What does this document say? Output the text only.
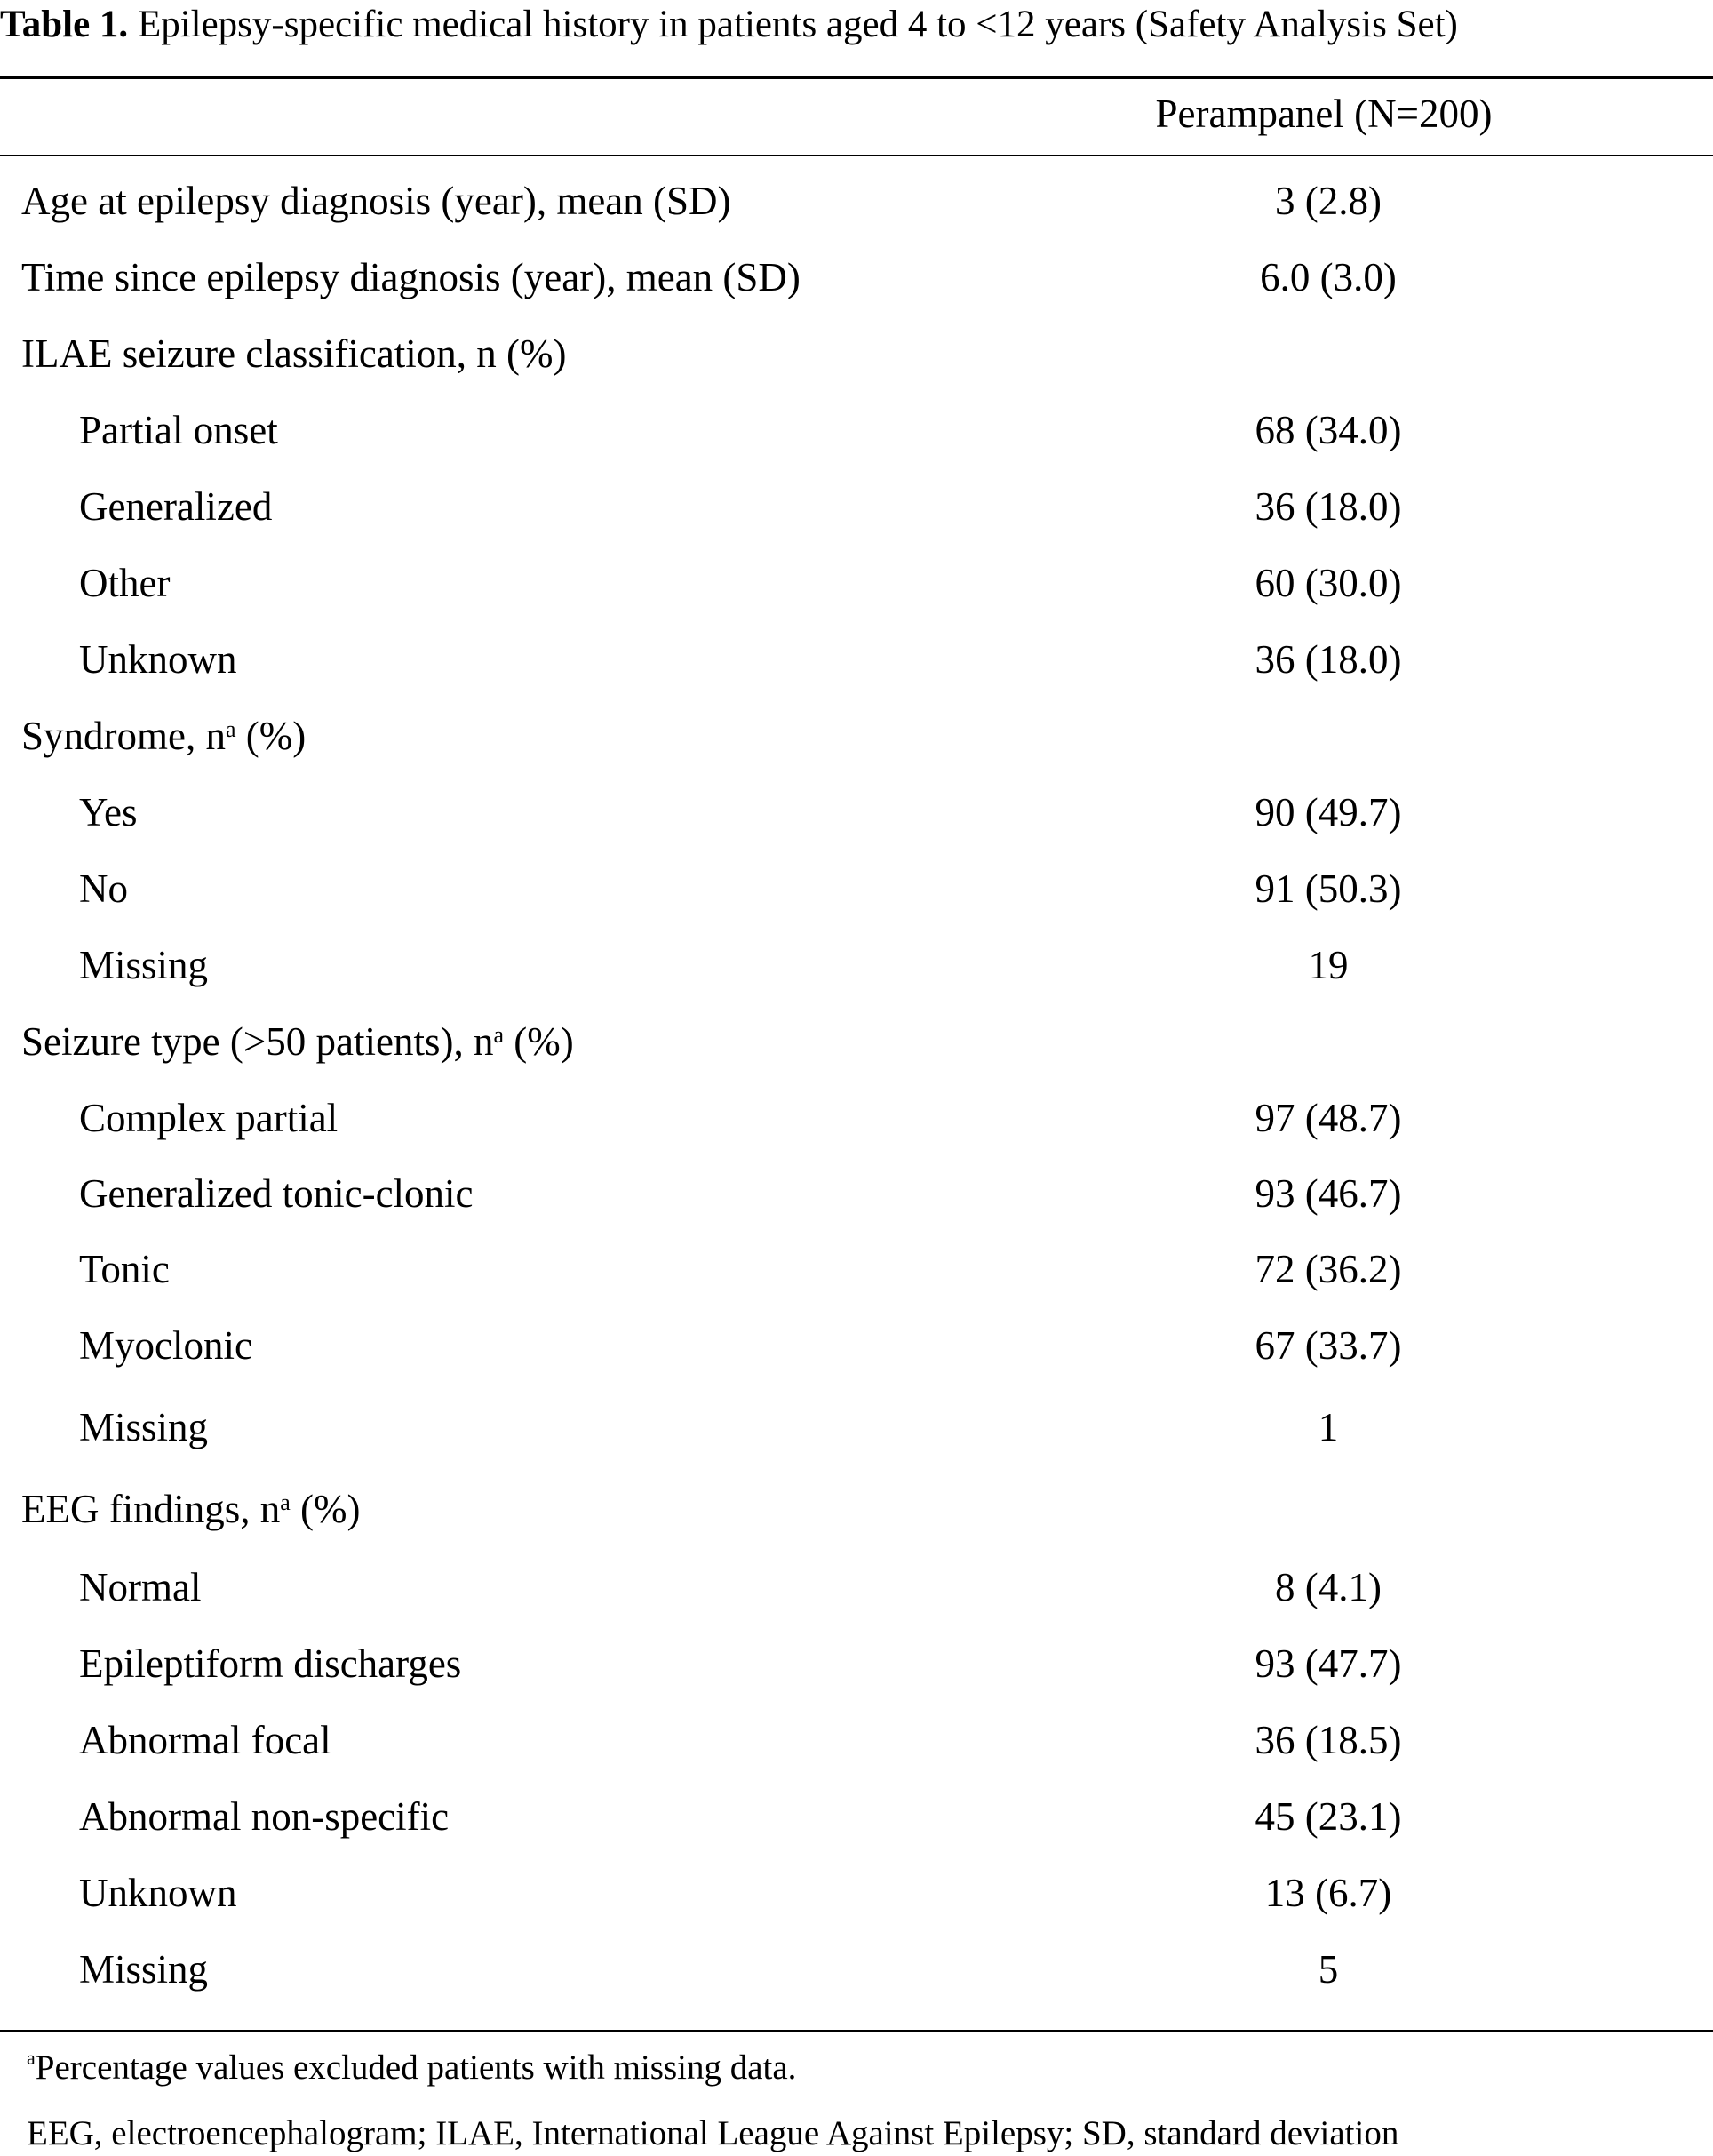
Table 1. Epilepsy-specific medical history in patients aged 4 to <12 years (Safety Analysis Set)
Perampanel (N=200)
Age at epilepsy diagnosis (year), mean (SD)	3 (2.8)
Time since epilepsy diagnosis (year), mean (SD)	6.0 (3.0)
ILAE seizure classification, n (%)
Partial onset	68 (34.0)
Generalized	36 (18.0)
Other	60 (30.0)
Unknown	36 (18.0)
Syndrome, $n^a$ (%)
Yes	90 (49.7)
No	91 (50.3)
Missing	19
Seizure type (>50 patients), $n^a$ (%)
Complex partial	97 (48.7)
Generalized tonic-clonic	93 (46.7)
Tonic	72 (36.2)
Myoclonic	67 (33.7)
Missing	1
EEG findings, $n^a$ (%)
Normal	8 (4.1)
Epileptiform discharges	93 (47.7)
Abnormal focal	36 (18.5)
Abnormal non-specific	45 (23.1)
Unknown	13 (6.7)
Missing	5
$^a$Percentage values excluded patients with missing data.
EEG, electroencephalogram; ILAE, International League Against Epilepsy; SD, standard deviation
